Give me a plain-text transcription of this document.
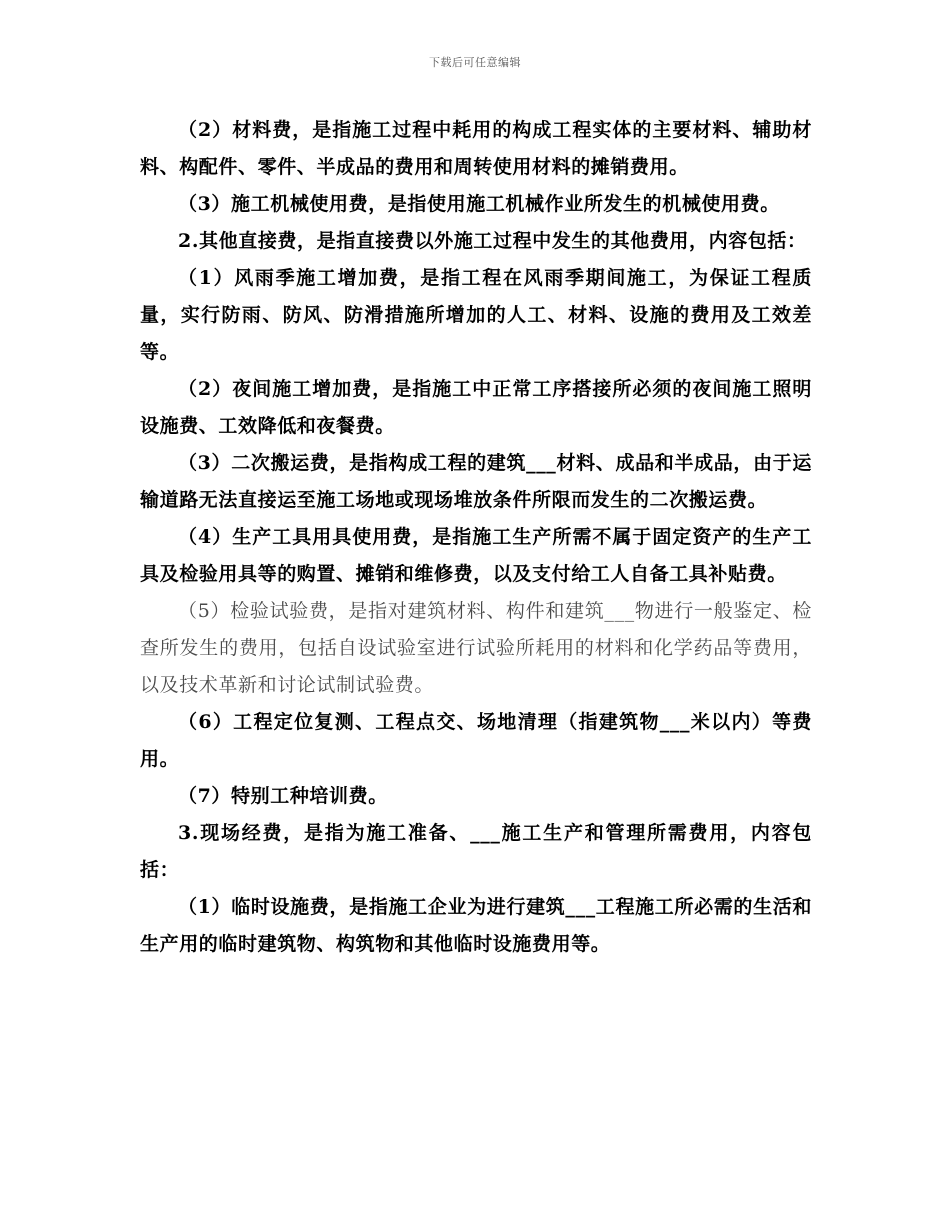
下载后可任意编辑

（2）材料费，是指施工过程中耗用的构成工程实体的主要材料、辅助材料、构配件、零件、半成品的费用和周转使用材料的摊销费用。

（3）施工机械使用费，是指使用施工机械作业所发生的机械使用费。

2.其他直接费，是指直接费以外施工过程中发生的其他费用，内容包括：

（1）风雨季施工增加费，是指工程在风雨季期间施工，为保证工程质量，实行防雨、防风、防滑措施所增加的人工、材料、设施的费用及工效差等。

（2）夜间施工增加费，是指施工中正常工序搭接所必须的夜间施工照明设施费、工效降低和夜餐费。

（3）二次搬运费，是指构成工程的建筑___材料、成品和半成品，由于运输道路无法直接运至施工场地或现场堆放条件所限而发生的二次搬运费。

（4）生产工具用具使用费，是指施工生产所需不属于固定资产的生产工具及检验用具等的购置、摊销和维修费，以及支付给工人自备工具补贴费。

（5）检验试验费，是指对建筑材料、构件和建筑___物进行一般鉴定、检查所发生的费用，包括自设试验室进行试验所耗用的材料和化学药品等费用，以及技术革新和讨论试制试验费。

（6）工程定位复测、工程点交、场地清理（指建筑物___米以内）等费用。

（7）特别工种培训费。

3.现场经费，是指为施工准备、___施工生产和管理所需费用，内容包括：

（1）临时设施费，是指施工企业为进行建筑___工程施工所必需的生活和生产用的临时建筑物、构筑物和其他临时设施费用等。
